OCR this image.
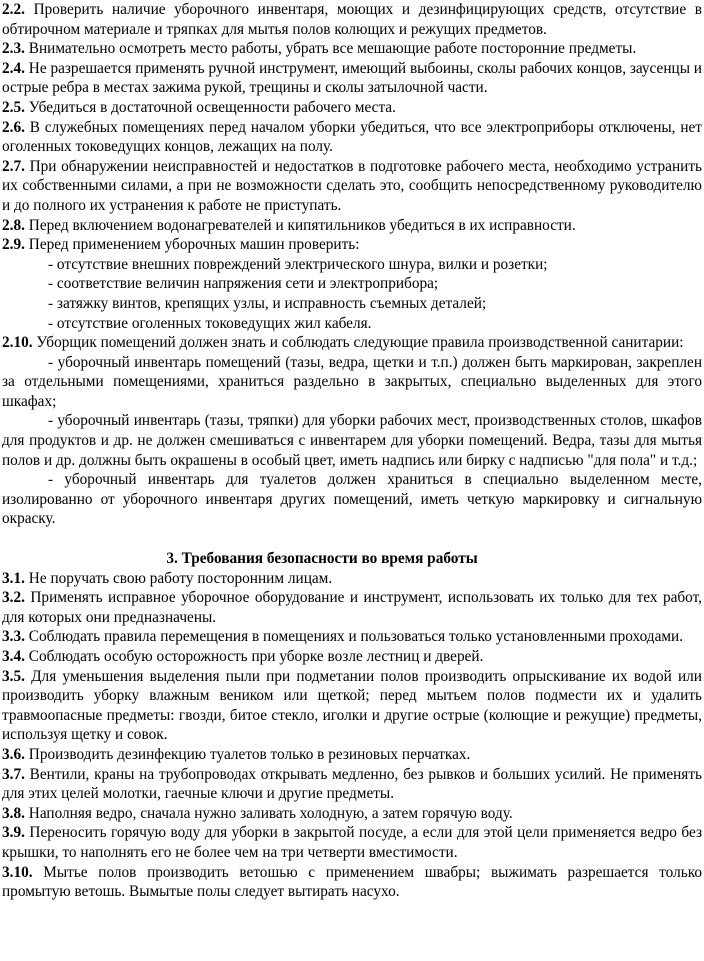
2.2. Проверить наличие уборочного инвентаря, моющих и дезинфицирующих средств, отсутствие в обтирочном материале и тряпках для мытья полов колющих и режущих предметов.

2.3. Внимательно осмотреть место работы, убрать все мешающие работе посторонние предметы.

2.4. Не разрешается применять ручной инструмент, имеющий выбоины, сколы рабочих концов, заусенцы и острые ребра в местах зажима рукой, трещины и сколы затылочной части.

2.5. Убедиться в достаточной освещенности рабочего места.

2.6. В служебных помещениях перед началом уборки убедиться, что все электроприборы отключены, нет оголенных токоведущих концов, лежащих на полу.

2.7. При обнаружении неисправностей и недостатков в подготовке рабочего места, необходимо устранить их собственными силами, а при не возможности сделать это, сообщить непосредственному руководителю и до полного их устранения к работе не приступать.

2.8. Перед включением водонагревателей и кипятильников убедиться в их исправности.

2.9. Перед применением уборочных машин проверить:

- отсутствие внешних повреждений электрического шнура, вилки и розетки;

- соответствие величин напряжения сети и электроприбора;

- затяжку винтов, крепящих узлы, и исправность съемных деталей;

- отсутствие оголенных токоведущих жил кабеля.

2.10. Уборщик помещений должен знать и соблюдать следующие правила производственной санитарии:

- уборочный инвентарь помещений (тазы, ведра, щетки и т.п.) должен быть маркирован, закреплен за отдельными помещениями, храниться раздельно в закрытых, специально выделенных для этого шкафах;

- уборочный инвентарь (тазы, тряпки) для уборки рабочих мест, производственных столов, шкафов для продуктов и др. не должен смешиваться с инвентарем для уборки помещений. Ведра, тазы для мытья полов и др. должны быть окрашены в особый цвет, иметь надпись или бирку с надписью "для пола" и т.д.;

- уборочный инвентарь для туалетов должен храниться в специально выделенном месте, изолированно от уборочного инвентаря других помещений, иметь четкую маркировку и сигнальную окраску.

3. Требования безопасности во время работы

3.1. Не поручать свою работу посторонним лицам.

3.2. Применять исправное уборочное оборудование и инструмент, использовать их только для тех работ, для которых они предназначены.

3.3. Соблюдать правила перемещения в помещениях и пользоваться только установленными проходами.

3.4. Соблюдать особую осторожность при уборке возле лестниц и дверей.

3.5. Для уменьшения выделения пыли при подметании полов производить опрыскивание их водой или производить уборку влажным веником или щеткой; перед мытьем полов подмести их и удалить травмоопасные предметы: гвозди, битое стекло, иголки и другие острые (колющие и режущие) предметы, используя щетку и совок.

3.6. Производить дезинфекцию туалетов только в резиновых перчатках.

3.7. Вентили, краны на трубопроводах открывать медленно, без рывков и больших усилий. Не применять для этих целей молотки, гаечные ключи и другие предметы.

3.8. Наполняя ведро, сначала нужно заливать холодную, а затем горячую воду.

3.9. Переносить горячую воду для уборки в закрытой посуде, а если для этой цели применяется ведро без крышки, то наполнять его не более чем на три четверти вместимости.

3.10. Мытье полов производить ветошью с применением швабры; выжимать разрешается только промытую ветошь. Вымытые полы следует вытирать насухо.
